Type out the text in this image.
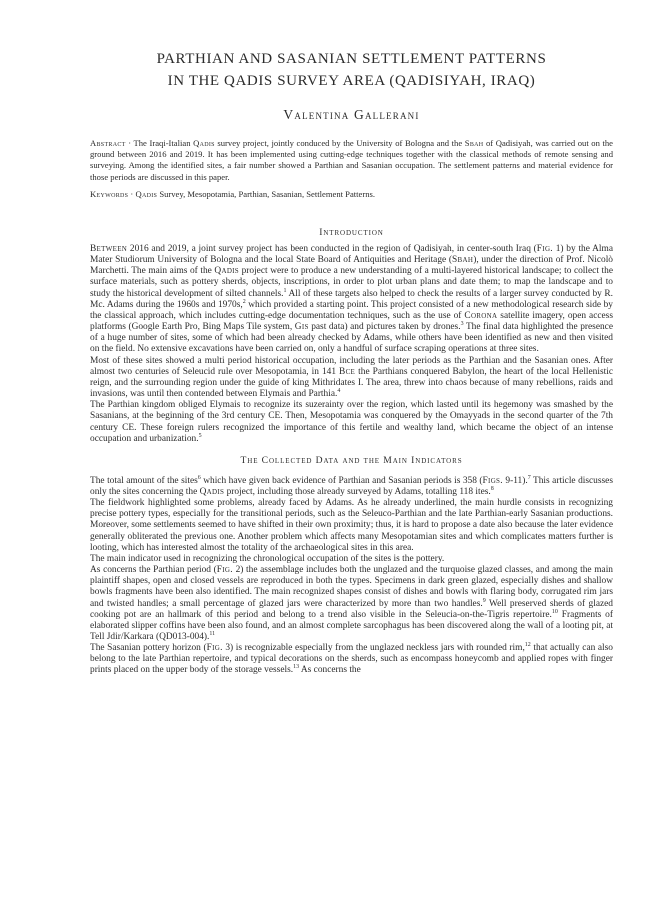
PARTHIAN AND SASANIAN SETTLEMENT PATTERNS
IN THE QADIS SURVEY AREA (QADISIYAH, IRAQ)
Valentina Gallerani

Abstract · The Iraqi-Italian Qadis survey project, jointly conduced by the University of Bologna and the Sbah of Qadisiyah, was carried out on the ground between 2016 and 2019. It has been implemented using cutting-edge techniques together with the classical methods of remote sensing and surveying. Among the identified sites, a fair number showed a Parthian and Sasanian occupation. The settlement patterns and material evidence for those periods are discussed in this paper.

Keywords · Qadis Survey, Mesopotamia, Parthian, Sasanian, Settlement Patterns.

Introduction

Between 2016 and 2019, a joint survey project has been conducted in the region of Qadisiyah, in center-south Iraq (Fig. 1) by the Alma Mater Studiorum University of Bologna and the local State Board of Antiquities and Heritage (Sbah), under the direction of Prof. Nicolò Marchetti. The main aims of the Qadis project were to produce a new understanding of a multi-layered historical landscape; to collect the surface materials, such as pottery sherds, objects, inscriptions, in order to plot urban plans and date them; to map the landscape and to study the historical development of silted channels.$^1$ All of these targets also helped to check the results of a larger survey conducted by R. Mc. Adams during the 1960s and 1970s,$^2$ which provided a starting point. This project consisted of a new methodological research side by the classical approach, which includes cutting-edge documentation techniques, such as the use of Corona satellite imagery, open access platforms (Google Earth Pro, Bing Maps Tile system, Gis past data) and pictures taken by drones.$^3$ The final data highlighted the presence of a huge number of sites, some of which had been already checked by Adams, while others have been identified as new and then visited on the field. No extensive excavations have been carried on, only a handful of surface scraping operations at three sites.

Most of these sites showed a multi period historical occupation, including the later periods as the Parthian and the Sasanian ones. After almost two centuries of Seleucid rule over Mesopotamia, in 141 Bce the Parthians conquered Babylon, the heart of the local Hellenistic reign, and the surrounding region under the guide of king Mithridates I. The area, threw into chaos because of many rebellions, raids and invasions, was until then contended between Elymais and Parthia.$^4$

The Parthian kingdom obliged Elymais to recognize its suzerainty over the region, which lasted until its hegemony was smashed by the Sasanians, at the beginning of the 3rd century CE. Then, Mesopotamia was conquered by the Omayyads in the second quarter of the 7th century CE. These foreign rulers recognized the importance of this fertile and wealthy land, which became the object of an intense occupation and urbanization.$^5$

The Collected Data and the Main Indicators

The total amount of the sites$^6$ which have given back evidence of Parthian and Sasanian periods is 358 (Figs. 9-11).$^7$ This article discusses only the sites concerning the Qadis project, including those already surveyed by Adams, totalling 118 ites.$^8$

The fieldwork highlighted some problems, already faced by Adams. As he already underlined, the main hurdle consists in recognizing precise pottery types, especially for the transitional periods, such as the Seleuco-Parthian and the late Parthian-early Sasanian productions. Moreover, some settlements seemed to have shifted in their own proximity; thus, it is hard to propose a date also because the later evidence generally obliterated the previous one. Another problem which affects many Mesopotamian sites and which complicates matters further is looting, which has interested almost the totality of the archaeological sites in this area.

The main indicator used in recognizing the chronological occupation of the sites is the pottery.

As concerns the Parthian period (Fig. 2) the assemblage includes both the unglazed and the turquoise glazed classes, and among the main plaintiff shapes, open and closed vessels are reproduced in both the types. Specimens in dark green glazed, especially dishes and shallow bowls fragments have been also identified. The main recognized shapes consist of dishes and bowls with flaring body, corrugated rim jars and twisted handles; a small percentage of glazed jars were characterized by more than two handles.$^9$ Well preserved sherds of glazed cooking pot are an hallmark of this period and belong to a trend also visible in the Seleucia-on-the-Tigris repertoire.$^{10}$ Fragments of elaborated slipper coffins have been also found, and an almost complete sarcophagus has been discovered along the wall of a looting pit, at Tell Jdir/Karkara (QD013-004).$^{11}$

The Sasanian pottery horizon (Fig. 3) is recognizable especially from the unglazed neckless jars with rounded rim,$^{12}$ that actually can also belong to the late Parthian repertoire, and typical decorations on the sherds, such as encompass honeycomb and applied ropes with finger prints placed on the upper body of the storage vessels.$^{13}$ As concerns the
